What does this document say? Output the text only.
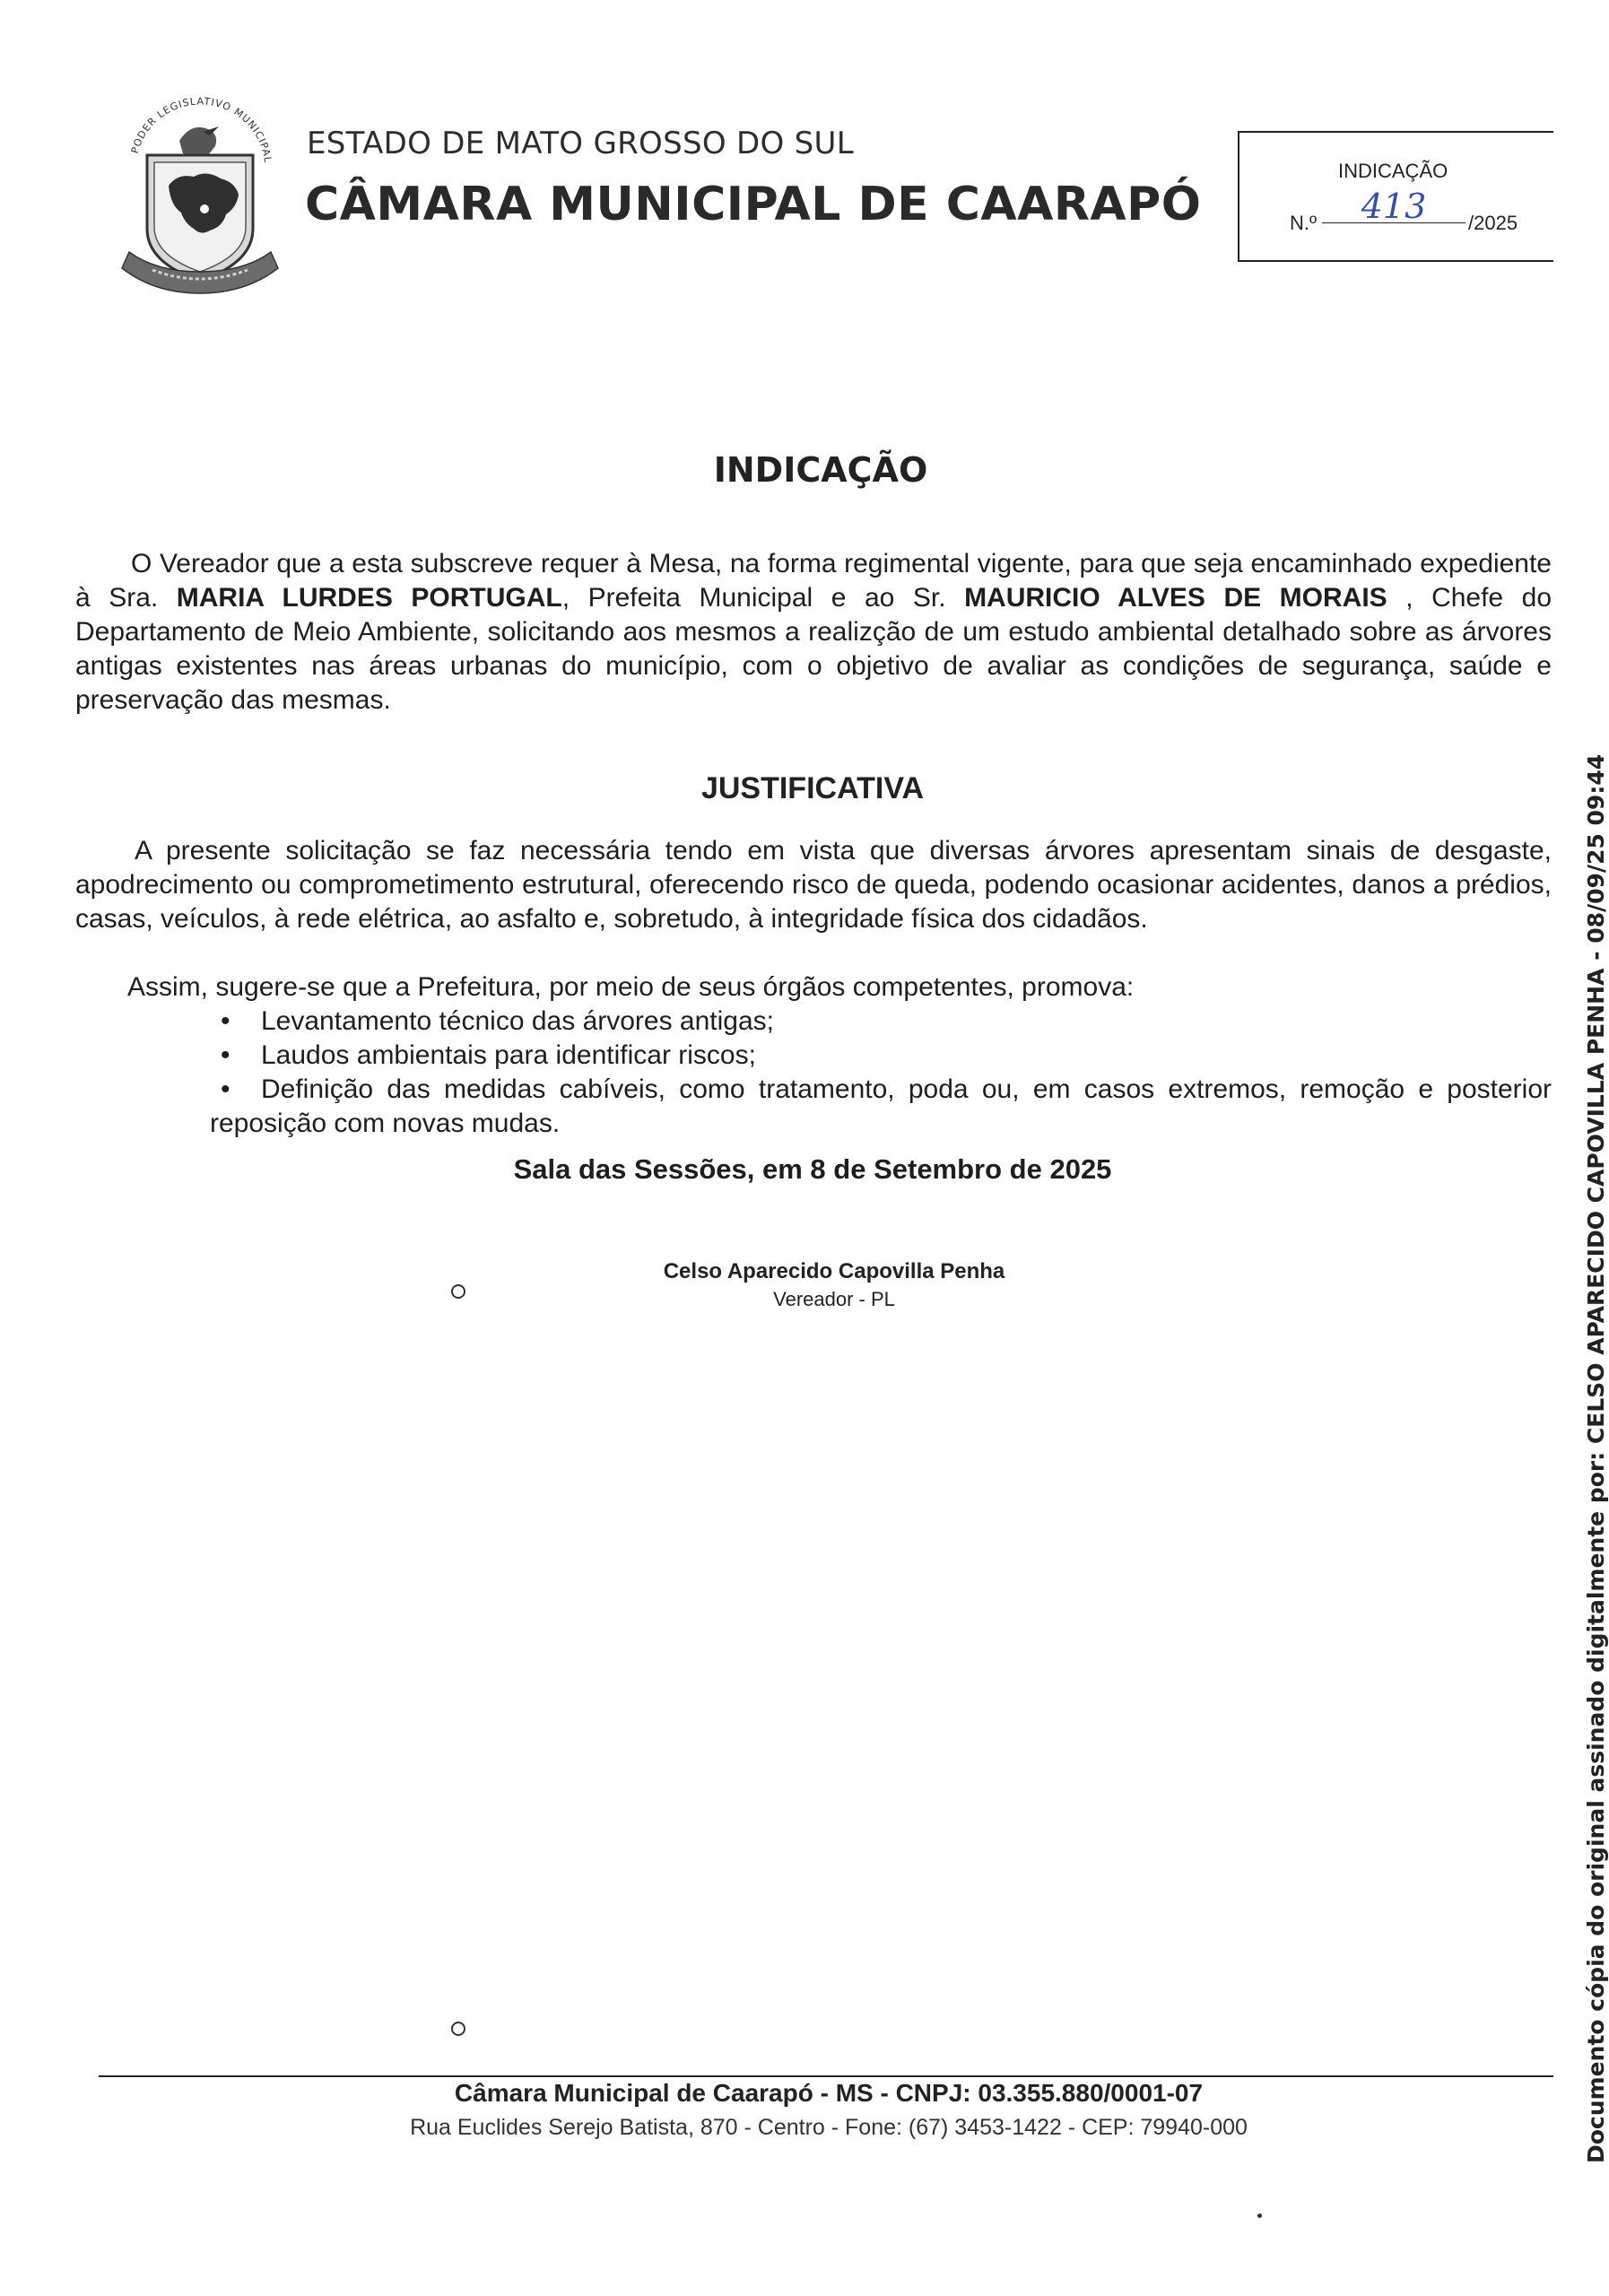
PODER LEGISLATIVO MUNICIPAL ESTADO DE MATO GROSSO DO SUL
CÂMARA MUNICIPAL DE CAARAPÓ
INDICAÇÃO
N.º	413	/2025
INDICAÇÃO
O Vereador que a esta subscreve requer à Mesa, na forma regimental vigente, para que seja encaminhado expediente à Sra. MARIA LURDES PORTUGAL, Prefeita Municipal e ao Sr. MAURICIO ALVES DE MORAIS , Chefe do Departamento de Meio Ambiente, solicitando aos mesmos a realizção de um estudo ambiental detalhado sobre as árvores antigas existentes nas áreas urbanas do município, com o objetivo de avaliar as condições de segurança, saúde e preservação das mesmas.
JUSTIFICATIVA
A presente solicitação se faz necessária tendo em vista que diversas árvores apresentam sinais de desgaste, apodrecimento ou comprometimento estrutural, oferecendo risco de queda, podendo ocasionar acidentes, danos a prédios, casas, veículos, à rede elétrica, ao asfalto e, sobretudo, à integridade física dos cidadãos.
Assim, sugere-se que a Prefeitura, por meio de seus órgãos competentes, promova:
• Levantamento técnico das árvores antigas;
• Laudos ambientais para identificar riscos;
• Definição das medidas cabíveis, como tratamento, poda ou, em casos extremos, remoção e posterior reposição com novas mudas.
Sala das Sessões, em 8 de Setembro de 2025
Celso Aparecido Capovilla Penha
Vereador - PL
Câmara Municipal de Caarapó - MS - CNPJ: 03.355.880/0001-07
Rua Euclides Serejo Batista, 870 - Centro - Fone: (67) 3453-1422 - CEP: 79940-000	Documento cópia do original assinado digitalmente por: CELSO APARECIDO CAPOVILLA PENHA - 08/09/25 09:44
